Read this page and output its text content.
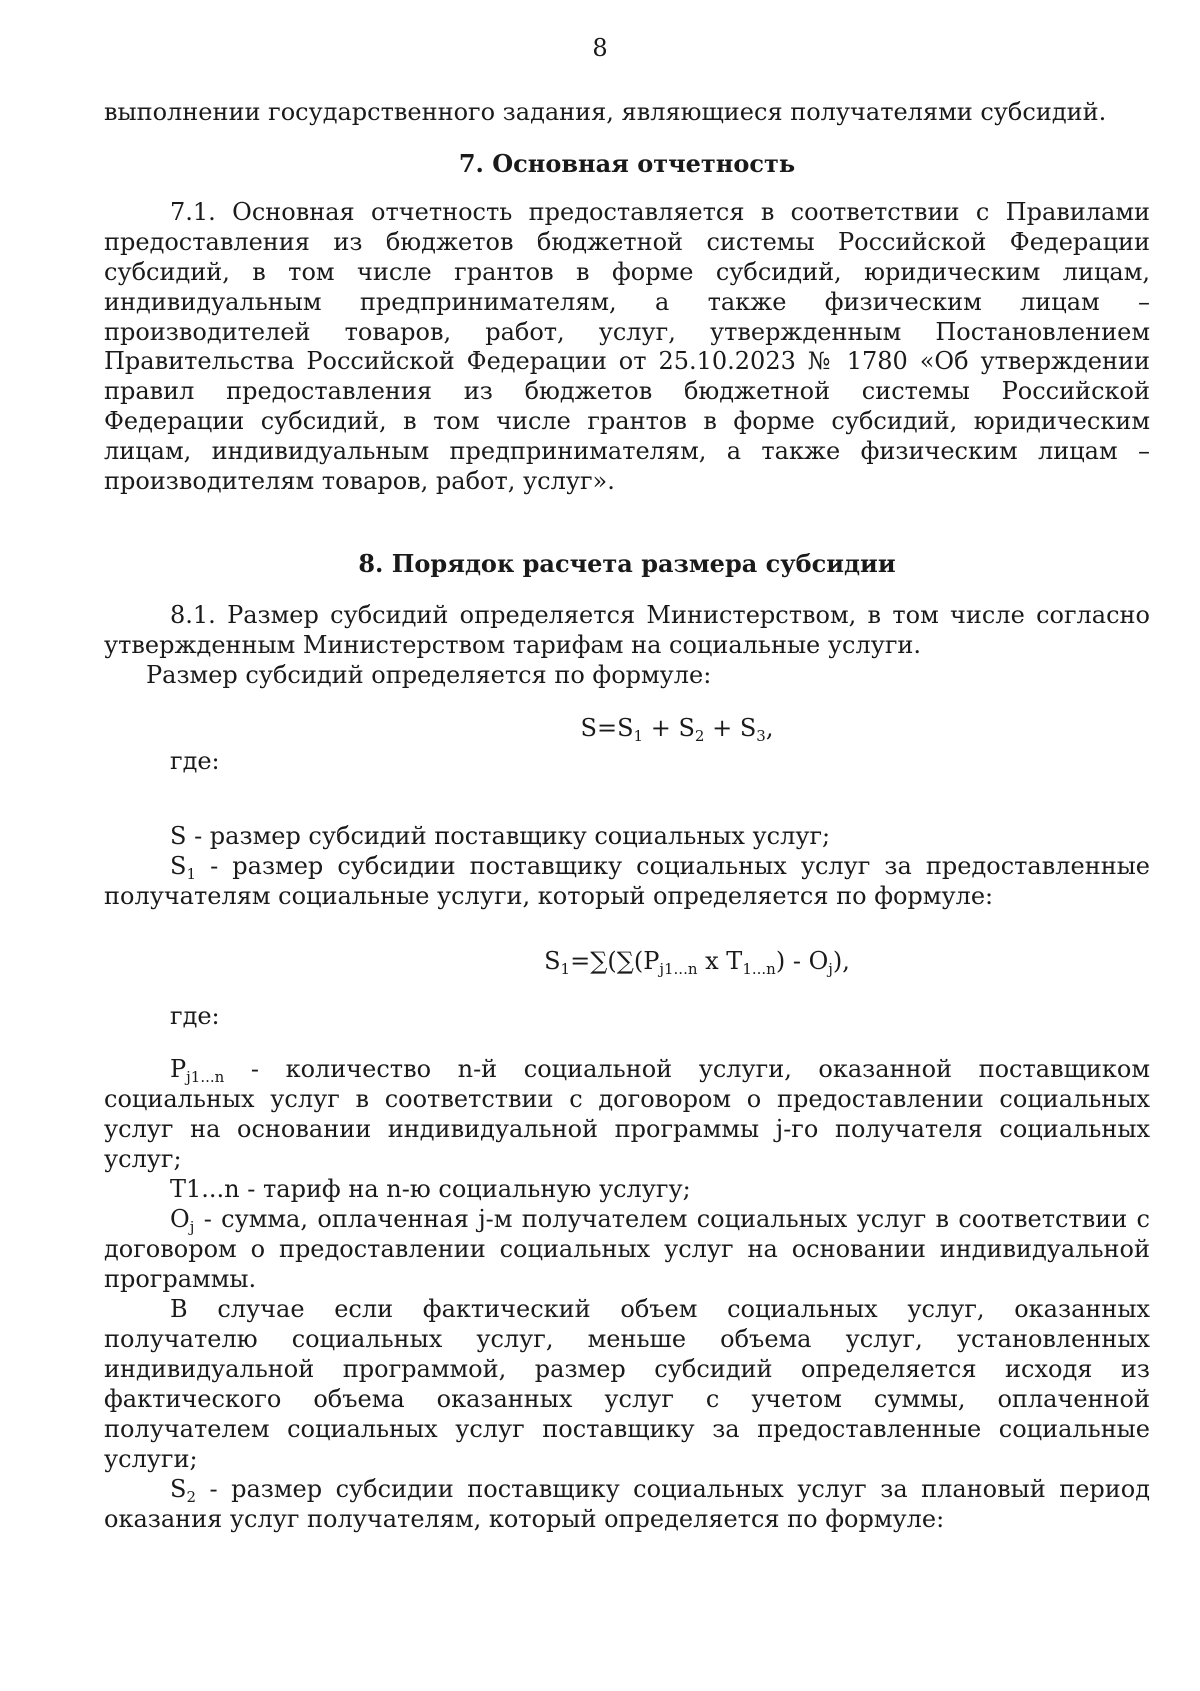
8

выполнении государственного задания, являющиеся получателями субсидий.

7. Основная отчетность

7.1. Основная отчетность предоставляется в соответствии с Правилами предоставления из бюджетов бюджетной системы Российской Федерации субсидий, в том числе грантов в форме субсидий, юридическим лицам, индивидуальным предпринимателям, а также физическим лицам – производителей товаров, работ, услуг, утвержденным Постановлением Правительства Российской Федерации от 25.10.2023 № 1780 «Об утверждении правил предоставления из бюджетов бюджетной системы Российской Федерации субсидий, в том числе грантов в форме субсидий, юридическим лицам, индивидуальным предпринимателям, а также физическим лицам – производителям товаров, работ, услуг».

8. Порядок расчета размера субсидии

8.1. Размер субсидий определяется Министерством, в том числе согласно утвержденным Министерством тарифам на социальные услуги.

Размер субсидий определяется по формуле:

$S=S_1 + S_2 + S_3$,

где:

S - размер субсидий поставщику социальных услуг;

$S_1$ - размер субсидии поставщику социальных услуг за предоставленные получателям социальные услуги, который определяется по формуле:

$S_1=\sum(\sum(P_{j1...n}$ x $T_{1...n}) - O_j$),

где:

$P_{j1...n}$ - количество n-й социальной услуги, оказанной поставщиком социальных услуг в соответствии с договором о предоставлении социальных услуг на основании индивидуальной программы j-го получателя социальных услуг;

T1...n - тариф на n-ю социальную услугу;

$O_j$ - сумма, оплаченная j-м получателем социальных услуг в соответствии с договором о предоставлении социальных услуг на основании индивидуальной программы.

В случае если фактический объем социальных услуг, оказанных получателю социальных услуг, меньше объема услуг, установленных индивидуальной программой, размер субсидий определяется исходя из фактического объема оказанных услуг с учетом суммы, оплаченной получателем социальных услуг поставщику за предоставленные социальные услуги;

$S_2$ - размер субсидии поставщику социальных услуг за плановый период оказания услуг получателям, который определяется по формуле:
